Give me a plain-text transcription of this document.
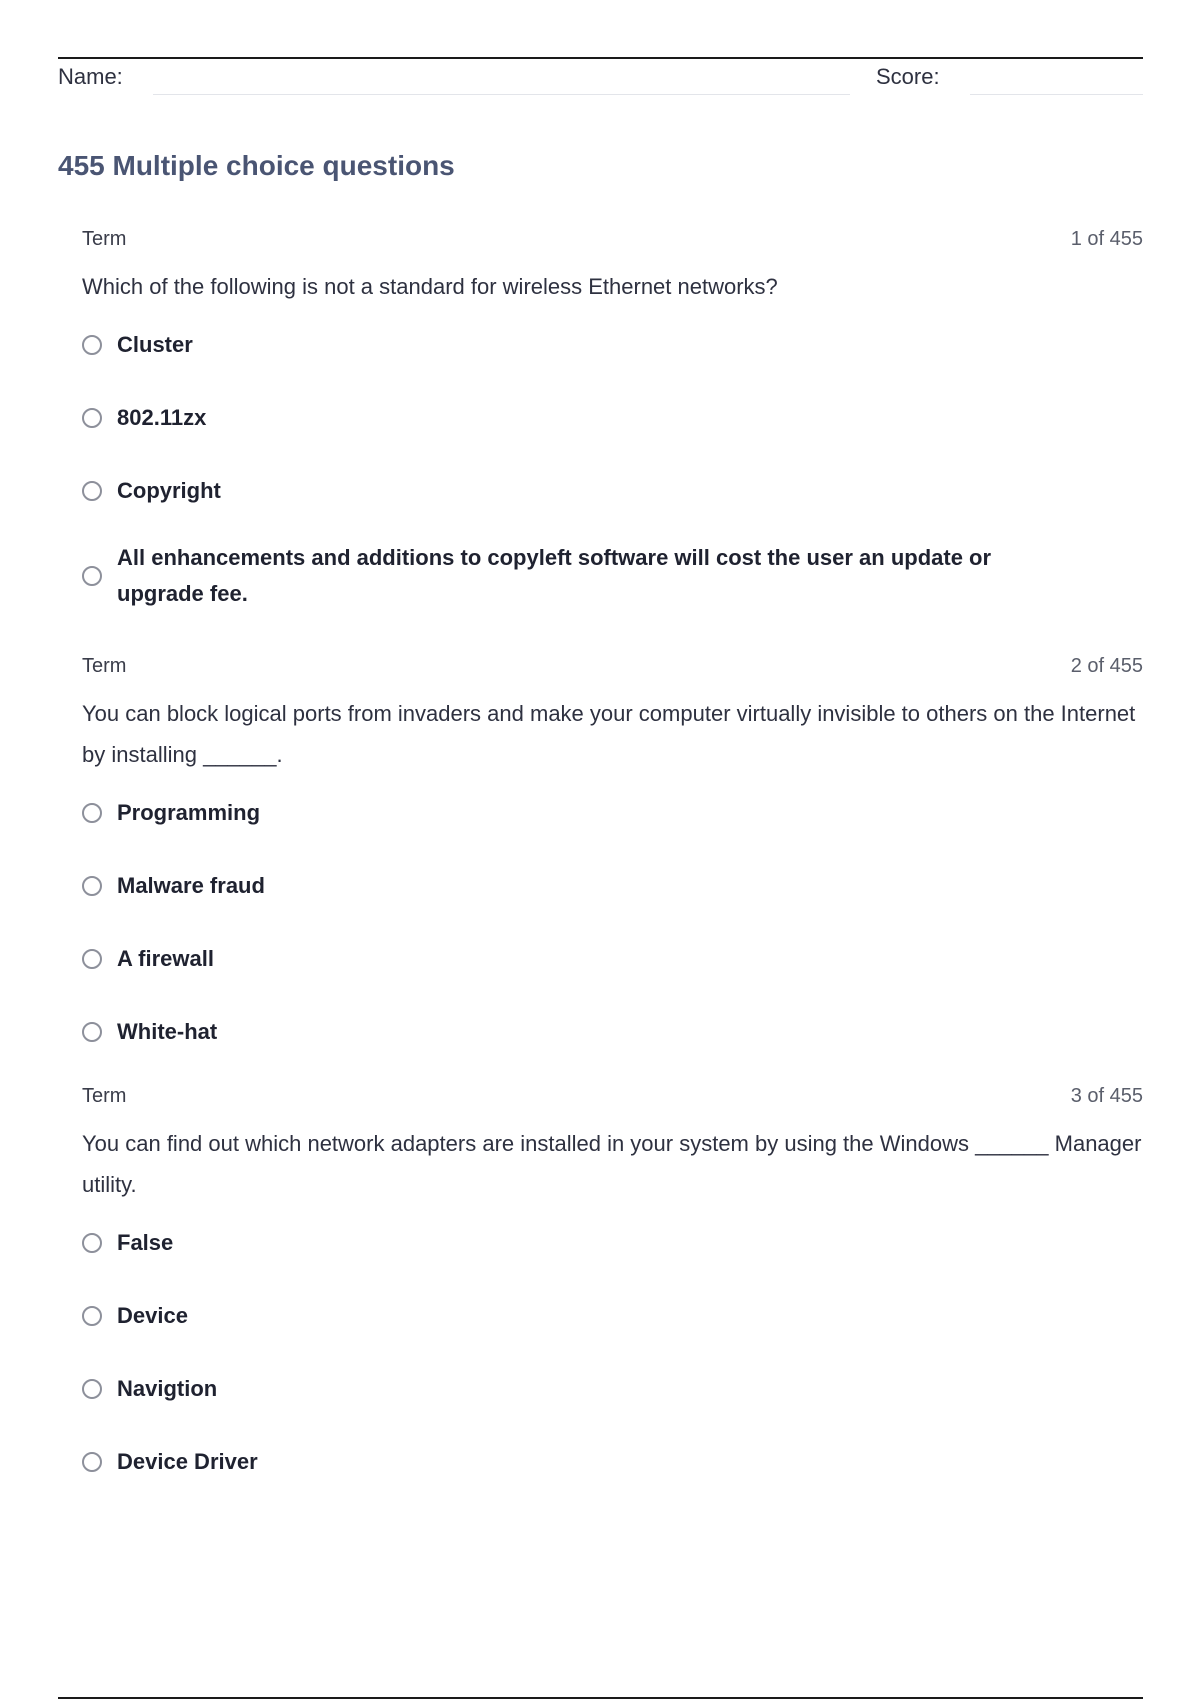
Name:	Score:
455 Multiple choice questions
Term	1 of 455
Which of the following is not a standard for wireless Ethernet networks?
Cluster
802.11zx
Copyright
All enhancements and additions to copyleft software will cost the user an update or upgrade fee.
Term	2 of 455
You can block logical ports from invaders and make your computer virtually invisible to others on the Internet by installing ______.
Programming
Malware fraud
A firewall
White-hat
Term	3 of 455
You can find out which network adapters are installed in your system by using the Windows ______ Manager utility.
False
Device
Navigtion
Device Driver
